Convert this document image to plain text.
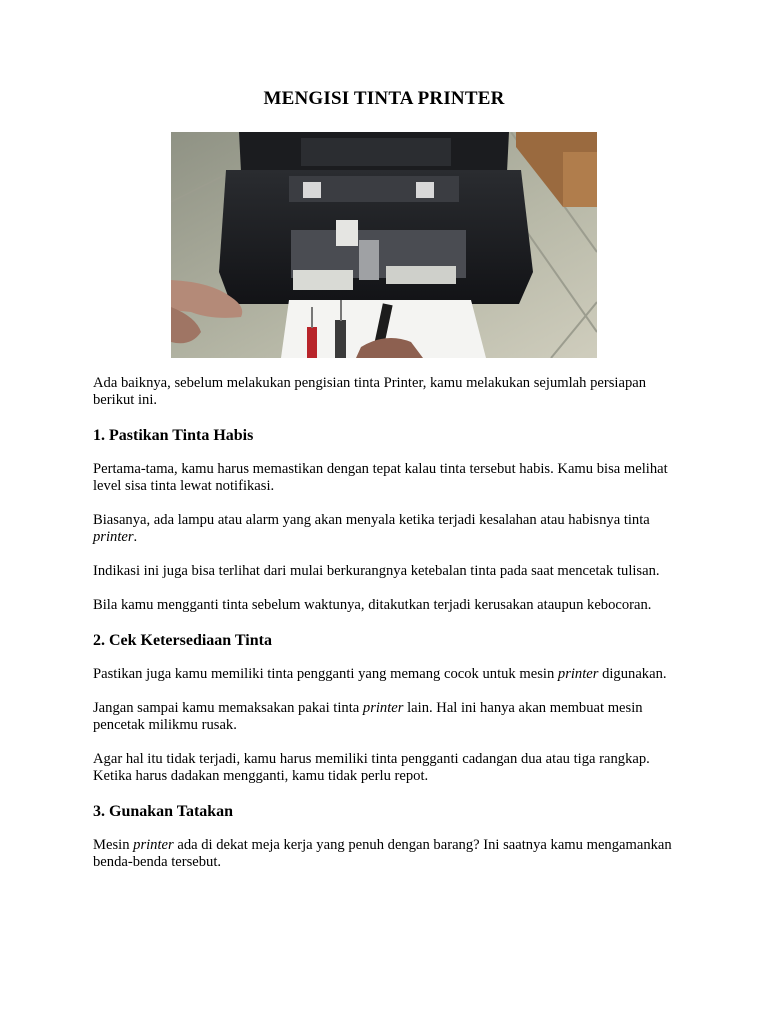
MENGISI TINTA PRINTER

Ada baiknya, sebelum melakukan pengisian tinta Printer, kamu melakukan sejumlah persiapan berikut ini.

1. Pastikan Tinta Habis

Pertama-tama, kamu harus memastikan dengan tepat kalau tinta tersebut habis. Kamu bisa melihat level sisa tinta lewat notifikasi.

Biasanya, ada lampu atau alarm yang akan menyala ketika terjadi kesalahan atau habisnya tinta printer.

Indikasi ini juga bisa terlihat dari mulai berkurangnya ketebalan tinta pada saat mencetak tulisan.

Bila kamu mengganti tinta sebelum waktunya, ditakutkan terjadi kerusakan ataupun kebocoran.

2. Cek Ketersediaan Tinta

Pastikan juga kamu memiliki tinta pengganti yang memang cocok untuk mesin printer digunakan.

Jangan sampai kamu memaksakan pakai tinta printer lain. Hal ini hanya akan membuat mesin pencetak milikmu rusak.

Agar hal itu tidak terjadi, kamu harus memiliki tinta pengganti cadangan dua atau tiga rangkap. Ketika harus dadakan mengganti, kamu tidak perlu repot.

3. Gunakan Tatakan

Mesin printer ada di dekat meja kerja yang penuh dengan barang? Ini saatnya kamu mengamankan benda-benda tersebut.
